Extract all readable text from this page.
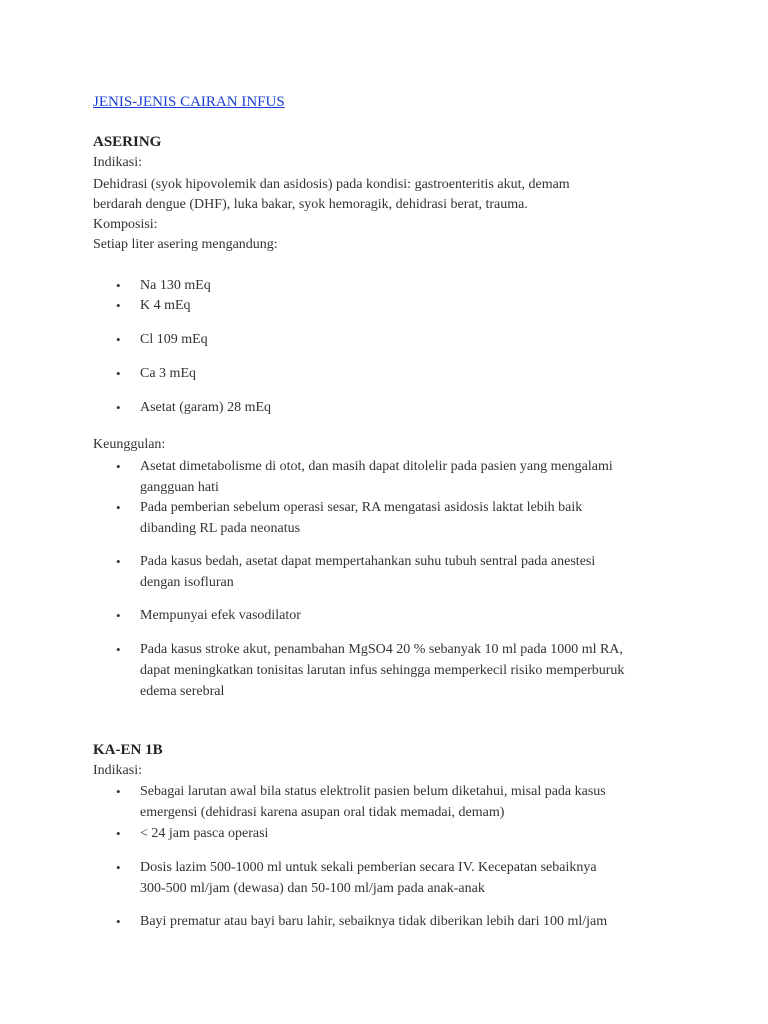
JENIS-JENIS CAIRAN INFUS
ASERING

Indikasi:

Dehidrasi (syok hipovolemik dan asidosis) pada kondisi: gastroenteritis akut, demam

berdarah dengue (DHF), luka bakar, syok hemoragik, dehidrasi berat, trauma.

Komposisi:

Setiap liter asering mengandung:

• Na 130 mEq
• K 4 mEq
• Cl 109 mEq
• Ca 3 mEq
• Asetat (garam) 28 mEq

Keunggulan:

• Asetat dimetabolisme di otot, dan masih dapat ditolelir pada pasien yang mengalami
gangguan hati
• Pada pemberian sebelum operasi sesar, RA mengatasi asidosis laktat lebih baik
dibanding RL pada neonatus
• Pada kasus bedah, asetat dapat mempertahankan suhu tubuh sentral pada anestesi
dengan isofluran
• Mempunyai efek vasodilator
• Pada kasus stroke akut, penambahan MgSO4 20 % sebanyak 10 ml pada 1000 ml RA,
dapat meningkatkan tonisitas larutan infus sehingga memperkecil risiko memperburuk
edema serebral
KA-EN 1B

Indikasi:

• Sebagai larutan awal bila status elektrolit pasien belum diketahui, misal pada kasus
emergensi (dehidrasi karena asupan oral tidak memadai, demam)
• < 24 jam pasca operasi
• Dosis lazim 500-1000 ml untuk sekali pemberian secara IV. Kecepatan sebaiknya
300-500 ml/jam (dewasa) dan 50-100 ml/jam pada anak-anak
• Bayi prematur atau bayi baru lahir, sebaiknya tidak diberikan lebih dari 100 ml/jam
